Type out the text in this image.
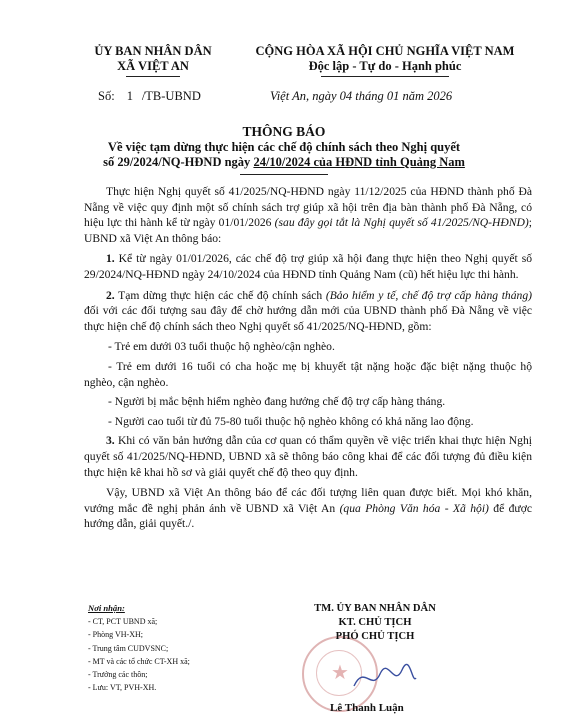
ỦY BAN NHÂN DÂN
XÃ VIỆT AN
CỘNG HÒA XÃ HỘI CHỦ NGHĨA VIỆT NAM
Độc lập - Tự do - Hạnh phúc
Số: 1 /TB-UBND	Việt An, ngày 04 tháng 01 năm 2026
THÔNG BÁO
Về việc tạm dừng thực hiện các chế độ chính sách theo Nghị quyết
số 29/2024/NQ-HĐND ngày 24/10/2024 của HĐND tỉnh Quảng Nam

Thực hiện Nghị quyết số 41/2025/NQ-HĐND ngày 11/12/2025 của HĐND thành phố Đà Nẵng về việc quy định một số chính sách trợ giúp xã hội trên địa bàn thành phố Đà Nẵng, có hiệu lực thi hành kể từ ngày 01/01/2026 (sau đây gọi tắt là Nghị quyết số 41/2025/NQ-HĐND); UBND xã Việt An thông báo:

1. Kể từ ngày 01/01/2026, các chế độ trợ giúp xã hội đang thực hiện theo Nghị quyết số 29/2024/NQ-HĐND ngày 24/10/2024 của HĐND tỉnh Quảng Nam (cũ) hết hiệu lực thi hành.

2. Tạm dừng thực hiện các chế độ chính sách (Bảo hiểm y tế, chế độ trợ cấp hàng tháng) đối với các đối tượng sau đây để chờ hướng dẫn mới của UBND thành phố Đà Nẵng về việc thực hiện chế độ chính sách theo Nghị quyết số 41/2025/NQ-HĐND, gồm:

- Trẻ em dưới 03 tuổi thuộc hộ nghèo/cận nghèo.

- Trẻ em dưới 16 tuổi có cha hoặc mẹ bị khuyết tật nặng hoặc đặc biệt nặng thuộc hộ nghèo, cận nghèo.

- Người bị mắc bệnh hiểm nghèo đang hưởng chế độ trợ cấp hàng tháng.

- Người cao tuổi từ đủ 75-80 tuổi thuộc hộ nghèo không có khả năng lao động.

3. Khi có văn bản hướng dẫn của cơ quan có thẩm quyền về việc triển khai thực hiện Nghị quyết số 41/2025/NQ-HĐND, UBND xã sẽ thông báo công khai để các đối tượng đủ điều kiện thực hiện kê khai hồ sơ và giải quyết chế độ theo quy định.

Vậy, UBND xã Việt An thông báo để các đối tượng liên quan được biết. Mọi khó khăn, vướng mắc đề nghị phản ánh về UBND xã Việt An (qua Phòng Văn hóa - Xã hội) để được hướng dẫn, giải quyết./.

Nơi nhận:
- CT, PCT UBND xã;
- Phòng VH-XH;
- Trung tâm CUDVSNC;
- MT và các tổ chức CT-XH xã;
- Trưởng các thôn;
- Lưu: VT, PVH-XH.
★
TM. ỦY BAN NHÂN DÂN
KT. CHỦ TỊCH
PHÓ CHỦ TỊCH
Lê Thanh Luận
